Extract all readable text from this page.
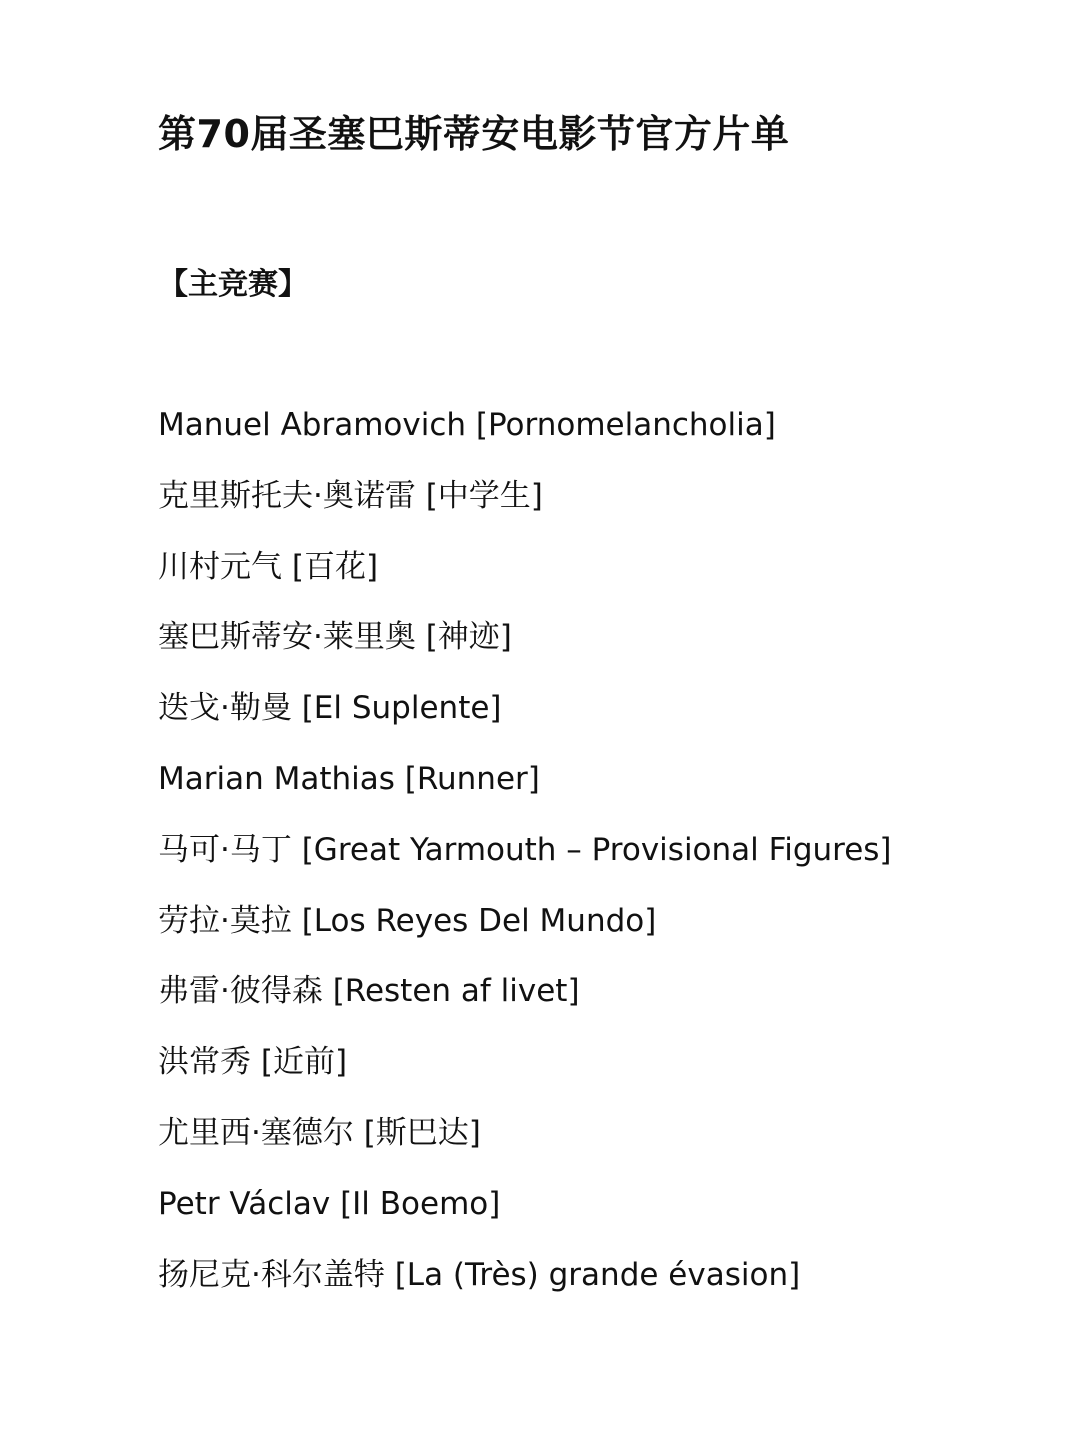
第70届圣塞巴斯蒂安电影节官方片单
【主竞赛】
Manuel Abramovich [Pornomelancholia]
克里斯托夫·奥诺雷 [中学生]
川村元气 [百花]
塞巴斯蒂安·莱里奥 [神迹]
迭戈·勒曼 [El Suplente]
Marian Mathias [Runner]
马可·马丁 [Great Yarmouth – Provisional Figures]
劳拉·莫拉 [Los Reyes Del Mundo]
弗雷·彼得森 [Resten af livet]
洪常秀 [近前]
尤里西·塞德尔 [斯巴达]
Petr Václav [Il Boemo]
扬尼克·科尔盖特 [La (Très) grande évasion]
